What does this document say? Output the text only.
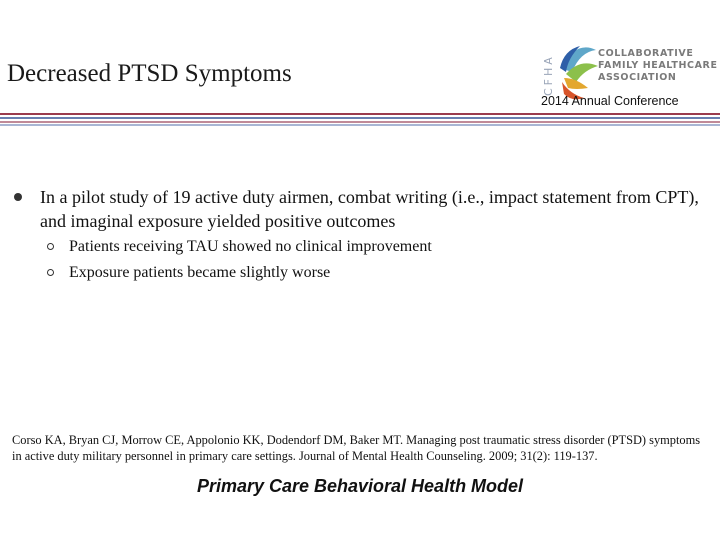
Decreased PTSD Symptoms	CFHA
COLLABORATIVE
FAMILY HEALTHCARE
ASSOCIATION
2014 Annual Conference
In a pilot study of 19 active duty airmen, combat writing (i.e., impact statement from CPT), and imaginal exposure yielded positive outcomes
Patients receiving TAU showed no clinical improvement
Exposure patients became slightly worse
Corso KA, Bryan CJ, Morrow CE, Appolonio KK, Dodendorf DM, Baker MT. Managing post traumatic stress disorder (PTSD) symptoms in active duty military personnel in primary care settings. Journal of Mental Health Counseling. 2009; 31(2): 119-137.
Primary Care Behavioral Health Model
